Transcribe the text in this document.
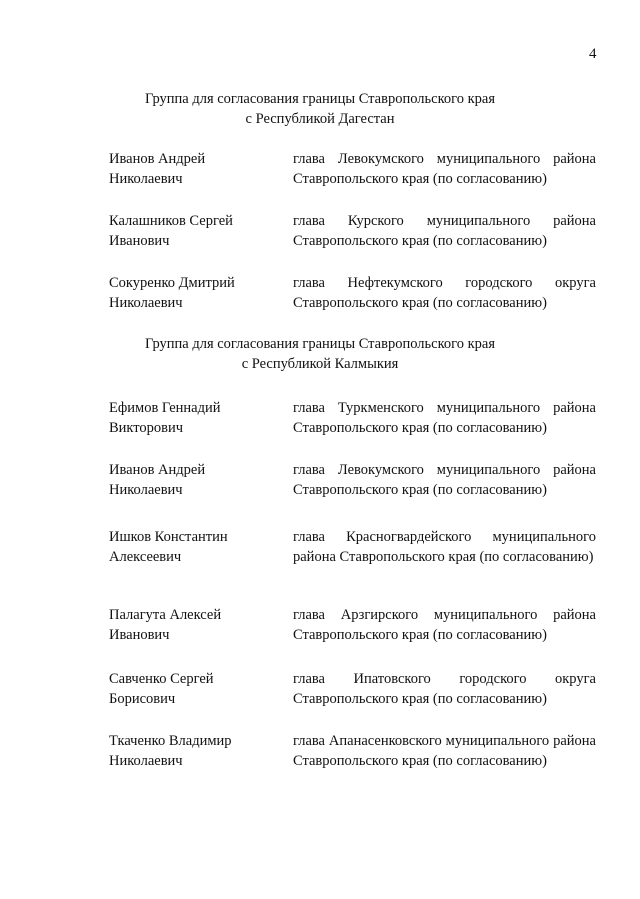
4
Группа для согласования границы Ставропольского края
с Республикой Дагестан
Иванов Андрей
Николаевич
глава Левокумского муниципального района Ставропольского края (по согласованию)
Калашников Сергей
Иванович
глава Курского муниципального района Ставропольского края (по согласованию)
Сокуренко Дмитрий
Николаевич
глава Нефтекумского городского округа Ставропольского края (по согласованию)
Группа для согласования границы Ставропольского края
с Республикой Калмыкия
Ефимов Геннадий
Викторович
глава Туркменского муниципального района Ставропольского края (по согласованию)
Иванов Андрей
Николаевич
глава Левокумского муниципального района Ставропольского края (по согласованию)
Ишков Константин
Алексеевич
глава Красногвардейского муниципального района Ставропольского края (по согласованию)
Палагута Алексей
Иванович
глава Арзгирского муниципального района Ставропольского края (по согласованию)
Савченко Сергей
Борисович
глава Ипатовского городского округа Ставропольского края (по согласованию)
Ткаченко Владимир
Николаевич
глава Апанасенковского муниципального района Ставропольского края (по согласованию)
